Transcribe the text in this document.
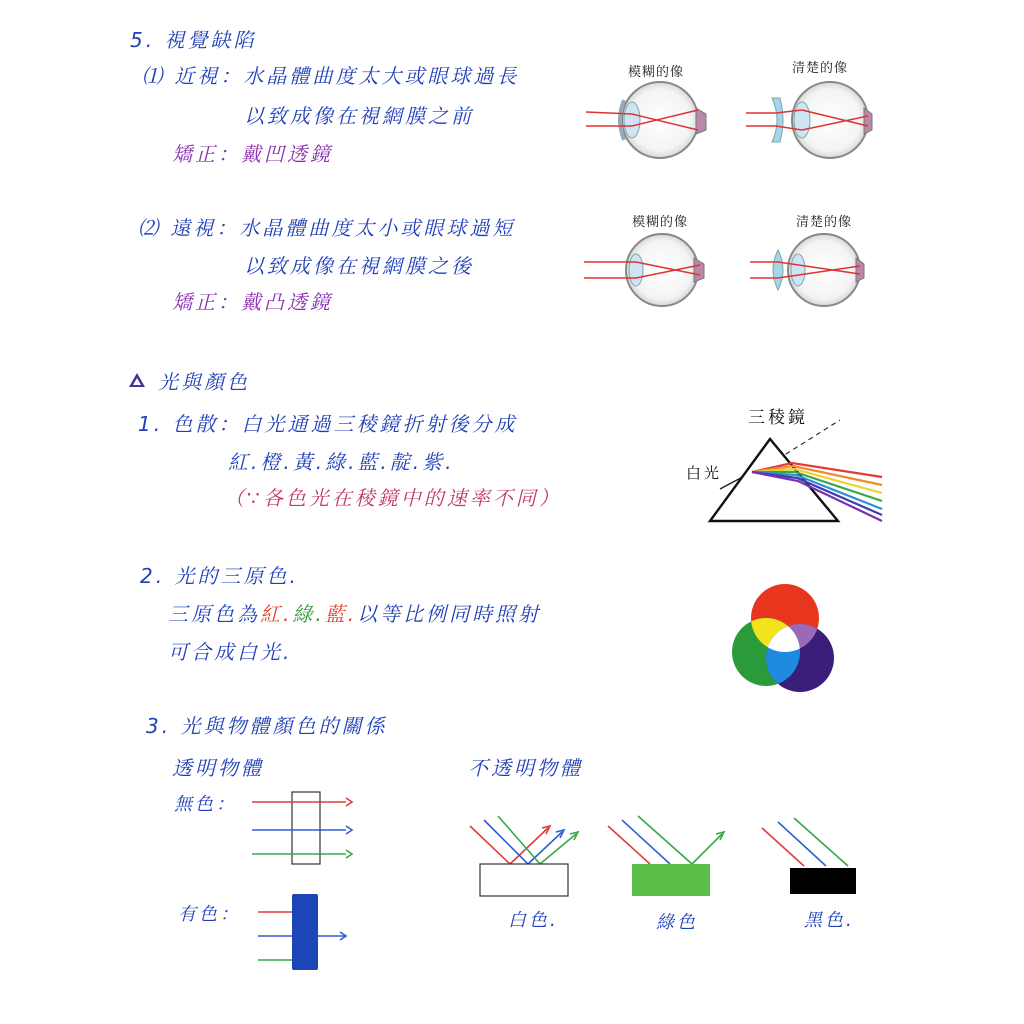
5. 視覺缺陷
⑴ 近視：水晶體曲度太大或眼球過長
以致成像在視網膜之前
矯正：戴凹透鏡
模糊的像	清楚的像
⑵ 遠視：水晶體曲度太小或眼球過短
以致成像在視網膜之後
矯正：戴凸透鏡
模糊的像	清楚的像
光與顏色
1. 色散：白光通過三稜鏡折射後分成
紅.橙.黃.綠.藍.靛.紫.
（∵各色光在稜鏡中的速率不同）
三稜鏡
白光
2. 光的三原色.
三原色為紅.綠.藍.以等比例同時照射
可合成白光.
3. 光與物體顏色的關係
透明物體	不透明物體
無色：
有色：	白色.	綠色	黑色.
